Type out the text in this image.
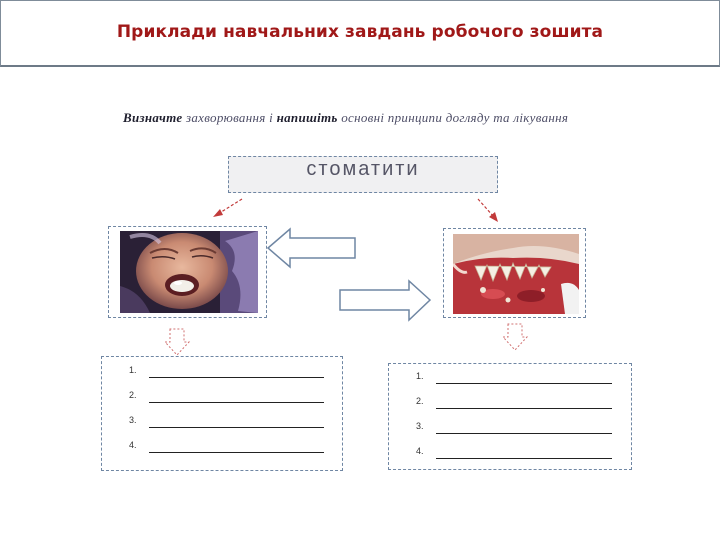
Приклади навчальних завдань робочого зошита
Визначте захворювання і напишіть основні принципи догляду та лікування
стоматити
1.
2.
3.
4.
1.
2.
3.
4.
